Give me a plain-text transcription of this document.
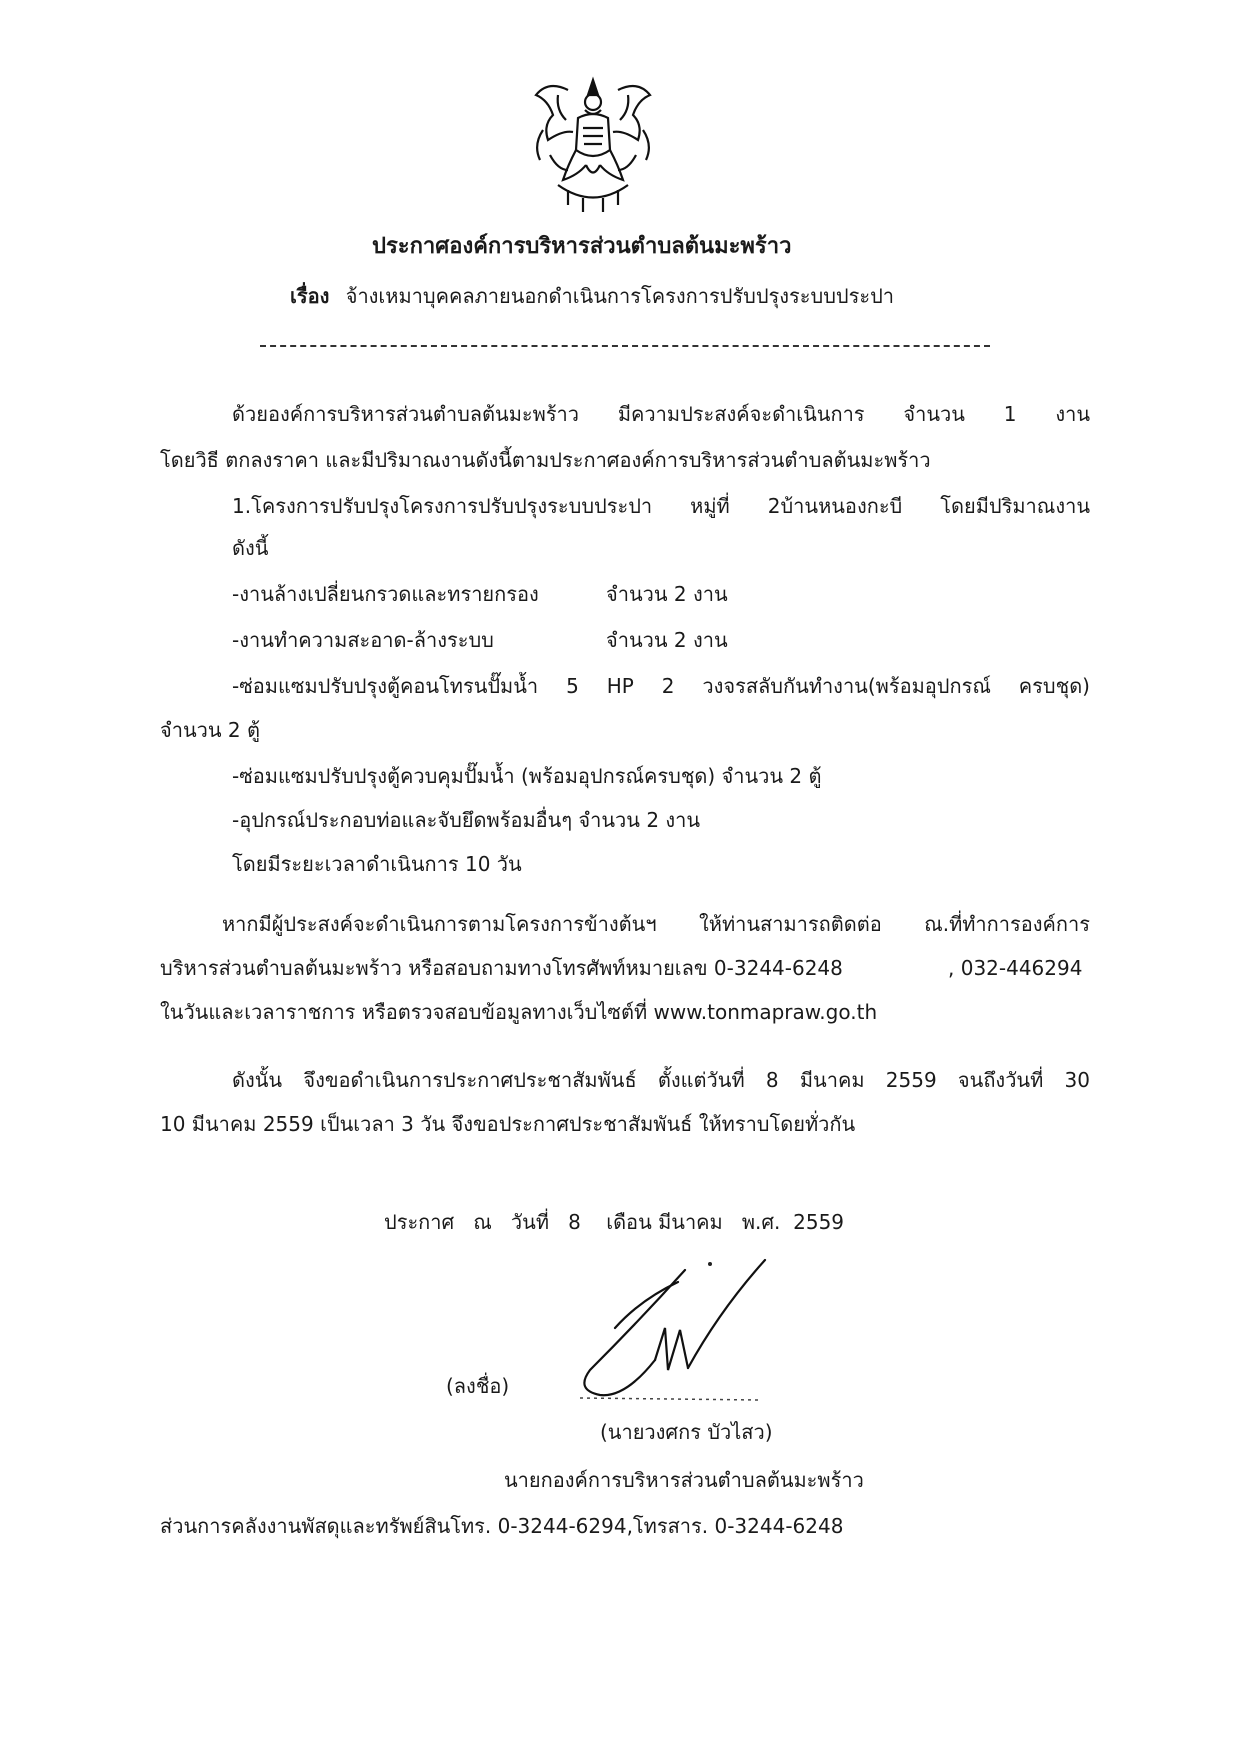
ประกาศองค์การบริหารส่วนตำบลต้นมะพร้าว
เรื่อง จ้างเหมาบุคคลภายนอกดำเนินการโครงการปรับปรุงระบบประปา
ด้วยองค์การบริหารส่วนตำบลต้นมะพร้าว มีความประสงค์จะดำเนินการ จำนวน 1 งาน
โดยวิธี ตกลงราคา และมีปริมาณงานดังนี้ตามประกาศองค์การบริหารส่วนตำบลต้นมะพร้าว
1.โครงการปรับปรุงโครงการปรับปรุงระบบประปา หมู่ที่ 2บ้านหนองกะบี โดยมีปริมาณงาน
ดังนี้
-งานล้างเปลี่ยนกรวดและทรายกรอง	จำนวน 2 งาน
-งานทำความสะอาด-ล้างระบบ	จำนวน 2 งาน
-ซ่อมแซมปรับปรุงตู้คอนโทรนปั๊มน้ำ 5 HP 2 วงจรสลับกันทำงาน(พร้อมอุปกรณ์ ครบชุด)
จำนวน 2 ตู้
-ซ่อมแซมปรับปรุงตู้ควบคุมปั๊มน้ำ (พร้อมอุปกรณ์ครบชุด) จำนวน 2 ตู้
-อุปกรณ์ประกอบท่อและจับยึดพร้อมอื่นๆ จำนวน 2 งาน
โดยมีระยะเวลาดำเนินการ 10 วัน
หากมีผู้ประสงค์จะดำเนินการตามโครงการข้างต้นฯ ให้ท่านสามารถติดต่อ ณ.ที่ทำการองค์การ
บริหารส่วนตำบลต้นมะพร้าว หรือสอบถามทางโทรศัพท์หมายเลข 0-3244-6248	, 032-446294
ในวันและเวลาราชการ หรือตรวจสอบข้อมูลทางเว็บไซต์ที่ www.tonmapraw.go.th
ดังนั้น จึงขอดำเนินการประกาศประชาสัมพันธ์ ตั้งแต่วันที่ 8 มีนาคม 2559 จนถึงวันที่ 30
10 มีนาคม 2559 เป็นเวลา 3 วัน จึงขอประกาศประชาสัมพันธ์ ให้ทราบโดยทั่วกัน
ประกาศ   ณ   วันที่   8    เดือน มีนาคม   พ.ศ.  2559
(ลงชื่อ)
(นายวงศกร บัวไสว)
นายกองค์การบริหารส่วนตำบลต้นมะพร้าว
ส่วนการคลังงานพัสดุและทรัพย์สินโทร. 0-3244-6294,โทรสาร. 0-3244-6248
